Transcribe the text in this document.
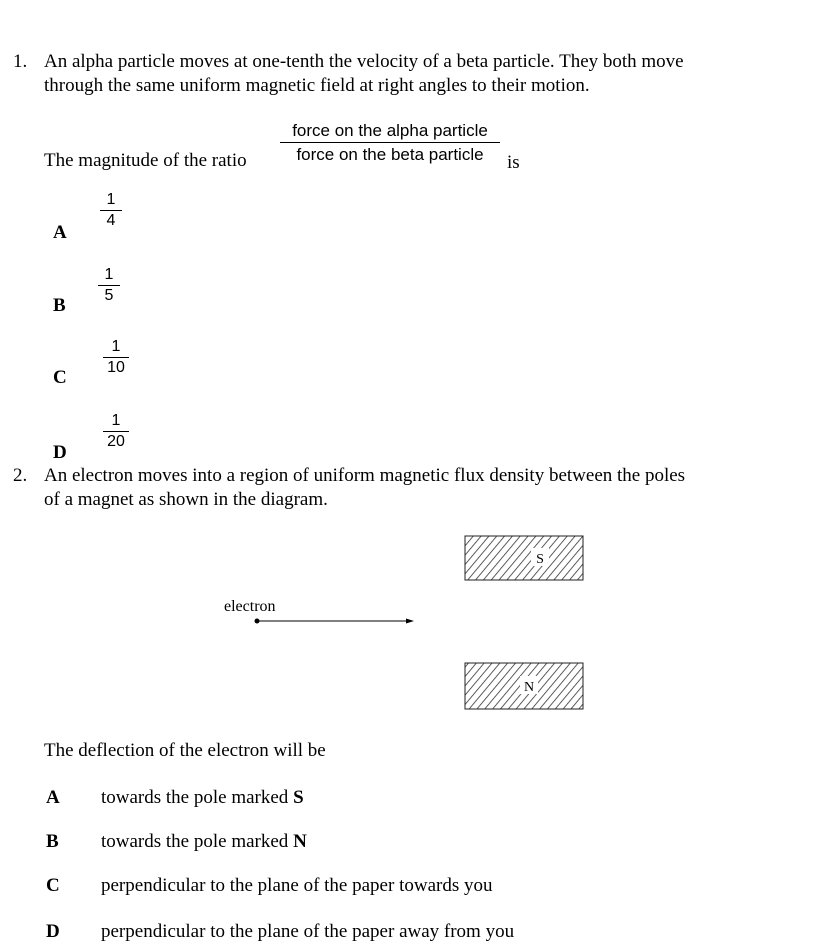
1. An alpha particle moves at one-tenth the velocity of a beta particle. They both move
through the same uniform magnetic field at right angles to their motion.
The magnitude of the ratio
force on the alpha particle
force on the beta particle	is
A
1
4
B
1
5
C
1
10
D
1
20
2. An electron moves into a region of uniform magnetic flux density between the poles
of a magnet as shown in the diagram.
S
electron
N
The deflection of the electron will be
A towards the pole marked S
B towards the pole marked N
C perpendicular to the plane of the paper towards you
D perpendicular to the plane of the paper away from you
